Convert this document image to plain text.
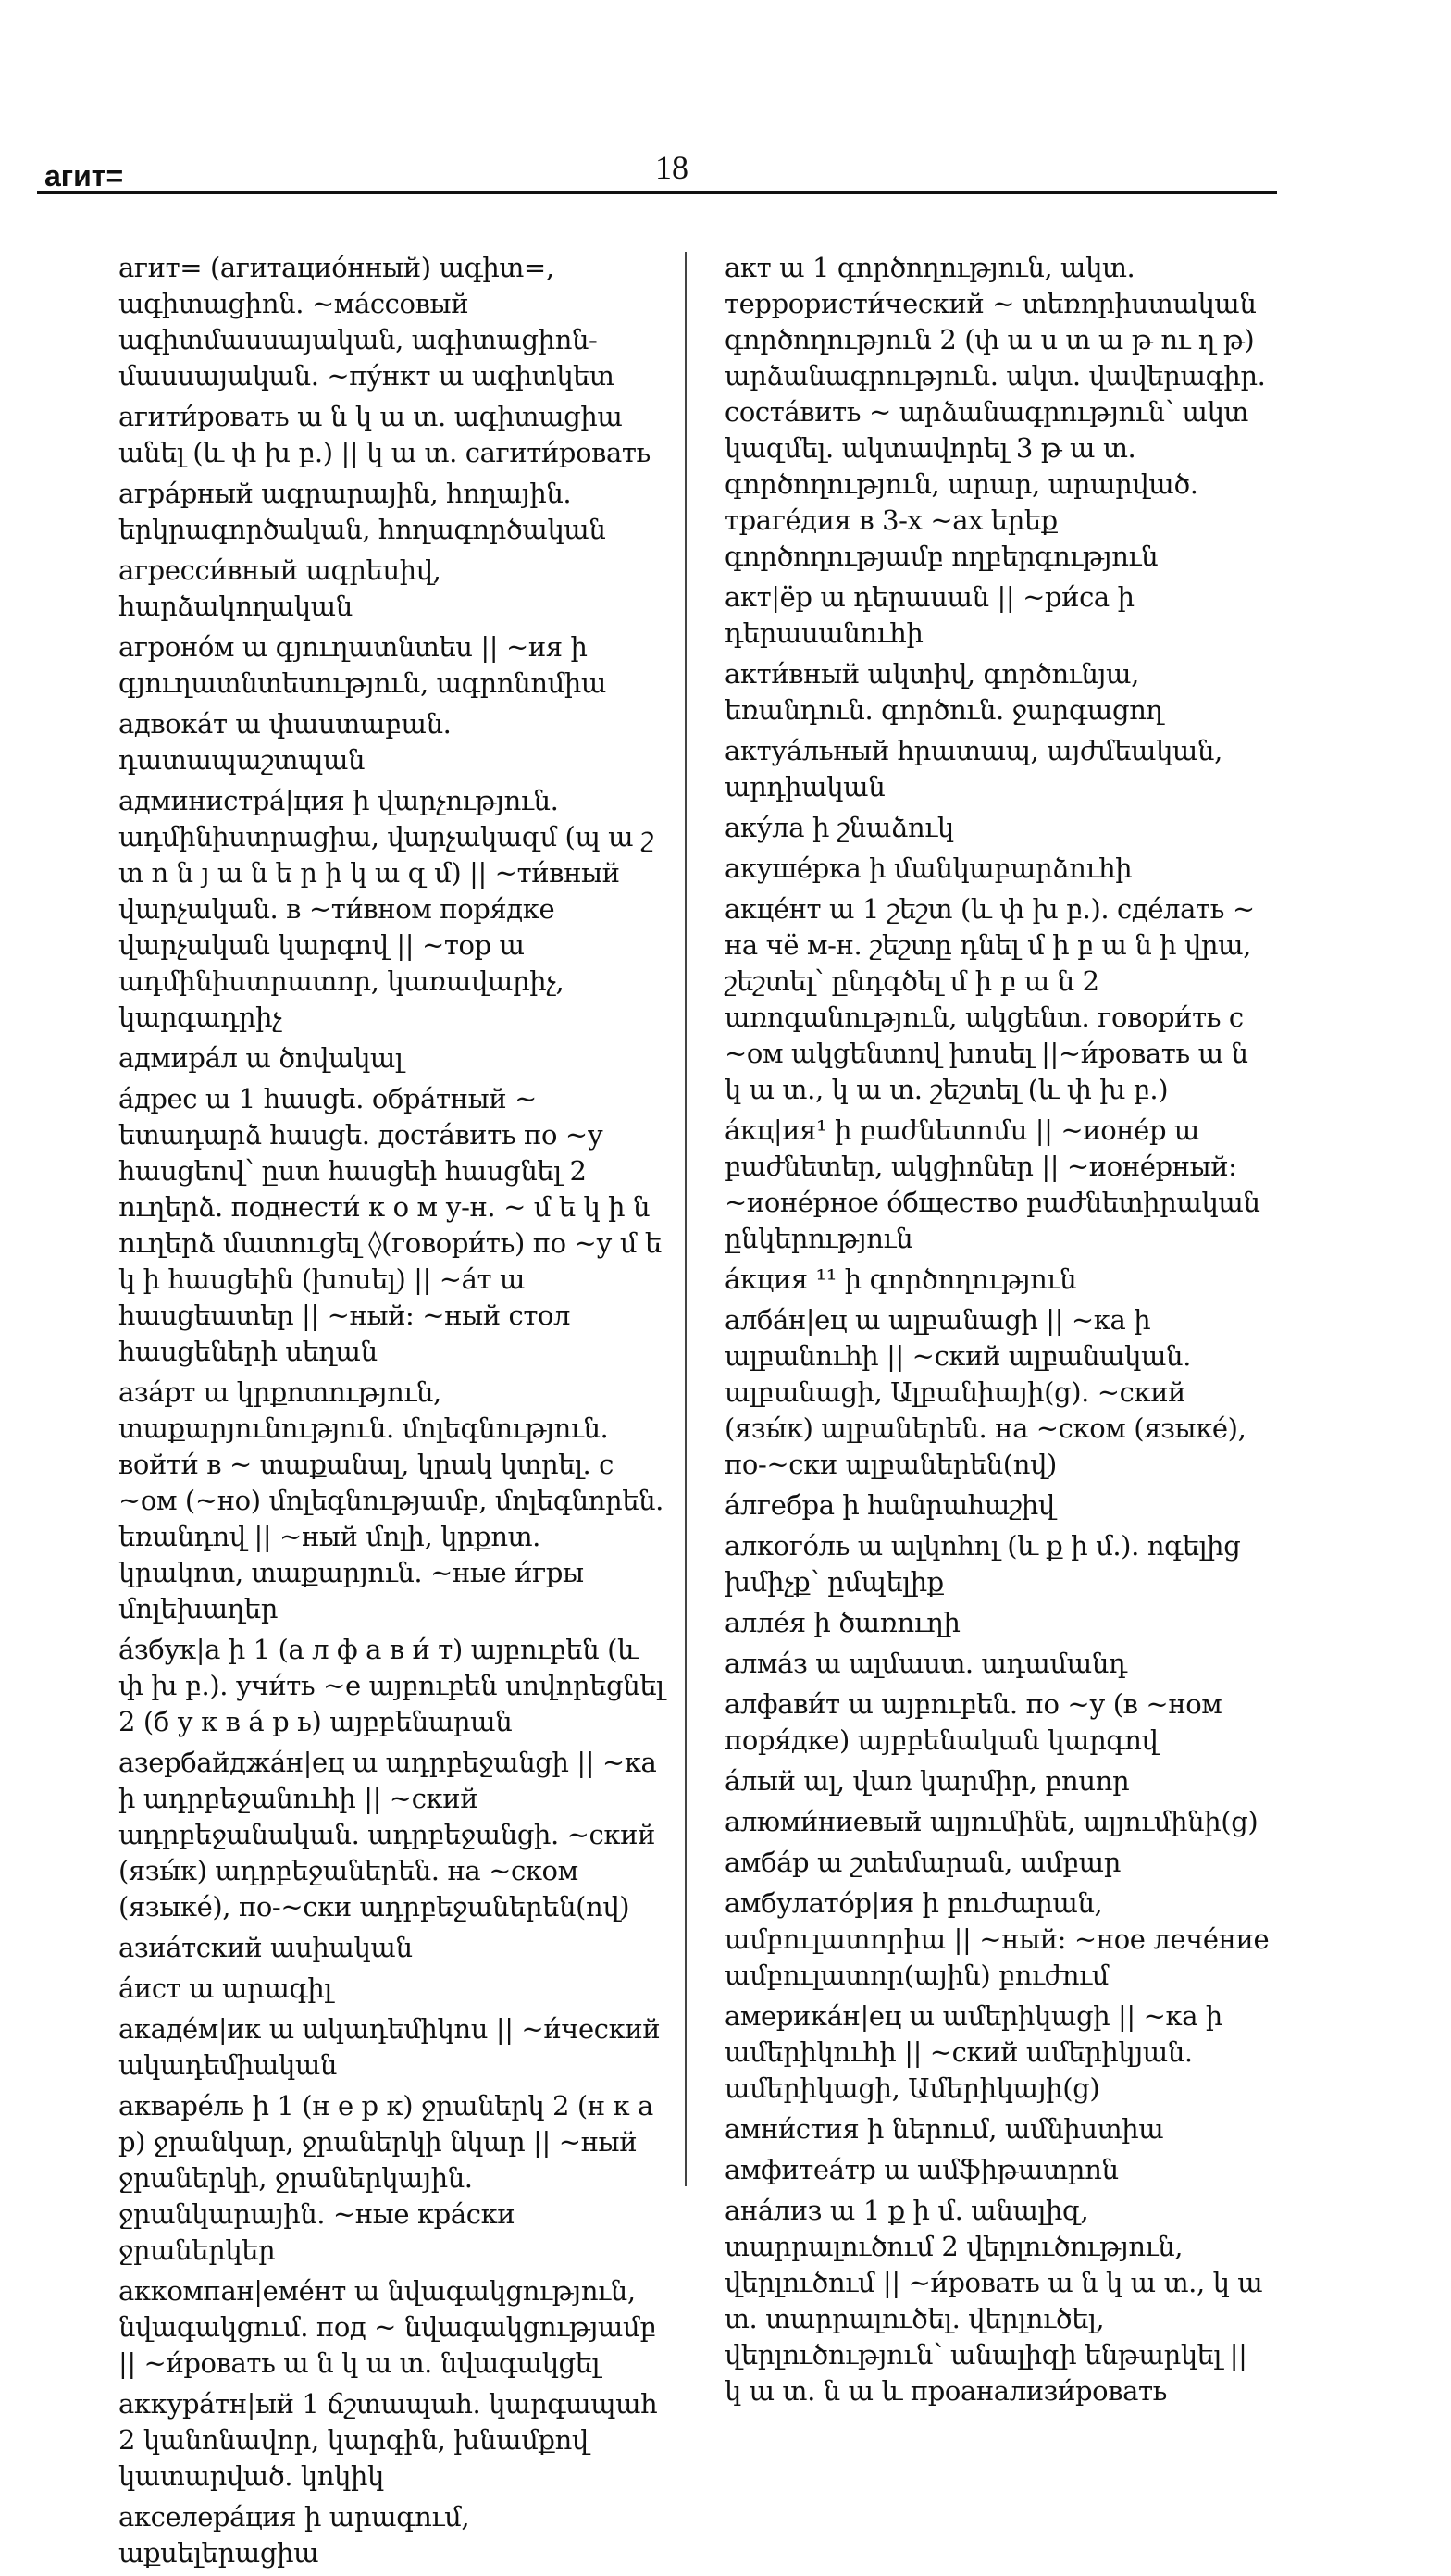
агит=	18
агит= (агитацио́нный) ագիտ=, ագիտացիոն. ~ма́ссовый ագիտմասսայական, ագիտացիոն-մասսայական. ~пу́нкт ա ագիտկետ
агити́ровать ա ն կ ա տ. ագիտացիա անել (և փ խ բ.) || կ ա տ. сагити́ровать
агра́рный ագրարային, հողային. երկրագործական, հողագործական
агресси́вный ագրեսիվ, հարձակողական
агроно́м ա գյուղատնտես || ~ия ի գյուղատնտեսություն, ագրոնոմիա
адвока́т ա փաստաբան. դատապաշտպան
администра́|ция ի վարչություն. ադմինիստրացիա, վարչակազմ (պ ա շ տ ո ն յ ա ն ե ր ի կ ա զ մ) || ~ти́вный վարչական. в ~ти́вном поря́дке վարչական կարգով || ~тор ա ադմինիստրատոր, կառավարիչ, կարգադրիչ
адмира́л ա ծովակալ
а́дрес ա 1 հասցե. обра́тный ~ ետադարձ հասցե. доста́вить по ~у հասցեով՝ ըստ հասցեի հասցնել 2 ուղերձ. поднести́ к о м у-н. ~ մ ե կ ի ն ուղերձ մատուցել ◊(говори́ть) по ~у մ ե կ ի հասցեին (խոսել) || ~а́т ա հասցեատեր || ~ный: ~ный стол հասցեների սեղան
аза́рт ա կրքոտություն, տաքարյունություն. մոլեգնություն. войти́ в ~ տաքանալ, կրակ կտրել. с ~ом (~но) մոլեգնությամբ, մոլեգնորեն. եռանդով || ~ный մոլի, կրքոտ. կրակոտ, տաքարյուն. ~ные и́гры մոլեխաղեր
а́збук|а ի 1 (а л ф а в и́ т) այբուբեն (և փ խ բ.). учи́ть ~е այբուբեն սովորեցնել 2 (б у к в а́ р ь) այբբենարան
азербайджа́н|ец ա ադրբեջանցի || ~ка ի ադրբեջանուհի || ~ский ադրբեջանական. ադրբեջանցի. ~ский (язы́к) ադրբեջաներեն. на ~ском (языке́), по-~ски ադրբեջաներեն(ով)
азиа́тский ասիական
а́ист ա արագիլ
акаде́м|ик ա ակադեմիկոս || ~и́ческий ակադեմիական
акваре́ль ի 1 (н е р к) ջրաներկ 2 (н к а р) ջրանկար, ջրաներկի նկար || ~ный ջրաներկի, ջրաներկային. ջրանկարային. ~ные кра́ски ջրաներկեր
аккомпан|еме́нт ա նվագակցություն, նվագակցում. под ~ նվագակցությամբ || ~и́ровать ա ն կ ա տ. նվագակցել
аккура́тн|ый 1 ճշտապահ. կարգապահ 2 կանոնավոր, կարգին, խնամքով կատարված. կոկիկ
акселера́ция ի արագում, աքսելերացիա
акт ա 1 գործողություն, ակտ. террористи́ческий ~ տեռորիստական գործողություն 2 (փ ա ս տ ա թ ու ղ թ) արձանագրություն. ակտ. վավերագիր. соста́вить ~ արձանագրություն՝ ակտ կազմել. ակտավորել 3 թ ա տ. գործողություն, արար, արարված. траге́дия в 3-х ~ах երեք գործողությամբ ողբերգություն
акт|ёр ա դերասան || ~ри́са ի դերասանուհի
акти́вный ակտիվ, գործունյա, եռանդուն. գործուն. ջարգացող
актуа́льный հրատապ, այժմեական, արդիական
аку́ла ի շնաձուկ
акуше́рка ի մանկաբարձուհի
акце́нт ա 1 շեշտ (և փ խ բ.). сде́лать ~ на чё м-н. շեշտը դնել մ ի բ ա ն ի վրա, շեշտել՝ ընդգծել մ ի բ ա ն 2 առոգանություն, ակցենտ. говори́ть с ~ом ակցենտով խոսել ||~и́ровать ա ն կ ա տ., կ ա տ. շեշտել (և փ խ բ.)
а́кц|ия¹ ի բաժնետոմս || ~ионе́р ա բաժնետեր, ակցիոներ || ~ионе́рный: ~ионе́рное о́бщество բաժնետիրական ընկերություն
а́кция ¹¹ ի գործողություն
алба́н|ец ա ալբանացի || ~ка ի ալբանուհի || ~ский ալբանական. ալբանացի, Ալբանիայի(ց). ~ский (язы́к) ալբաներեն. на ~ском (языке́), по-~ски ալբաներեն(ով)
а́лгебра ի հանրահաշիվ
алкого́ль ա ալկոհոլ (և ք ի մ.). ոգելից խմիչք՝ ըմպելիք
алле́я ի ծառուղի
алма́з ա ալմաստ. ադամանդ
алфави́т ա այբուբեն. по ~у (в ~ном поря́дке) այբբենական կարգով
а́лый ալ, վառ կարմիր, բոսոր
алюми́ниевый ալյումինե, ալյումինի(ց)
амба́р ա շտեմարան, ամբար
амбулато́р|ия ի բուժարան, ամբուլատորիա || ~ный: ~ное лече́ние ամբուլատոր(ային) բուժում
америка́н|ец ա ամերիկացի || ~ка ի ամերիկուհի || ~ский ամերիկյան. ամերիկացի, Ամերիկայի(ց)
амни́стия ի ներում, ամնիստիա
амфитеа́тр ա ամֆիթատրոն
ана́лиз ա 1 ք ի մ. անալիզ, տարրալուծում 2 վերլուծություն, վերլուծում || ~и́ровать ա ն կ ա տ., կ ա տ. տարրալուծել. վերլուծել, վերլուծություն՝ անալիզի ենթարկել || կ ա տ. ն ա և проанализи́ровать
